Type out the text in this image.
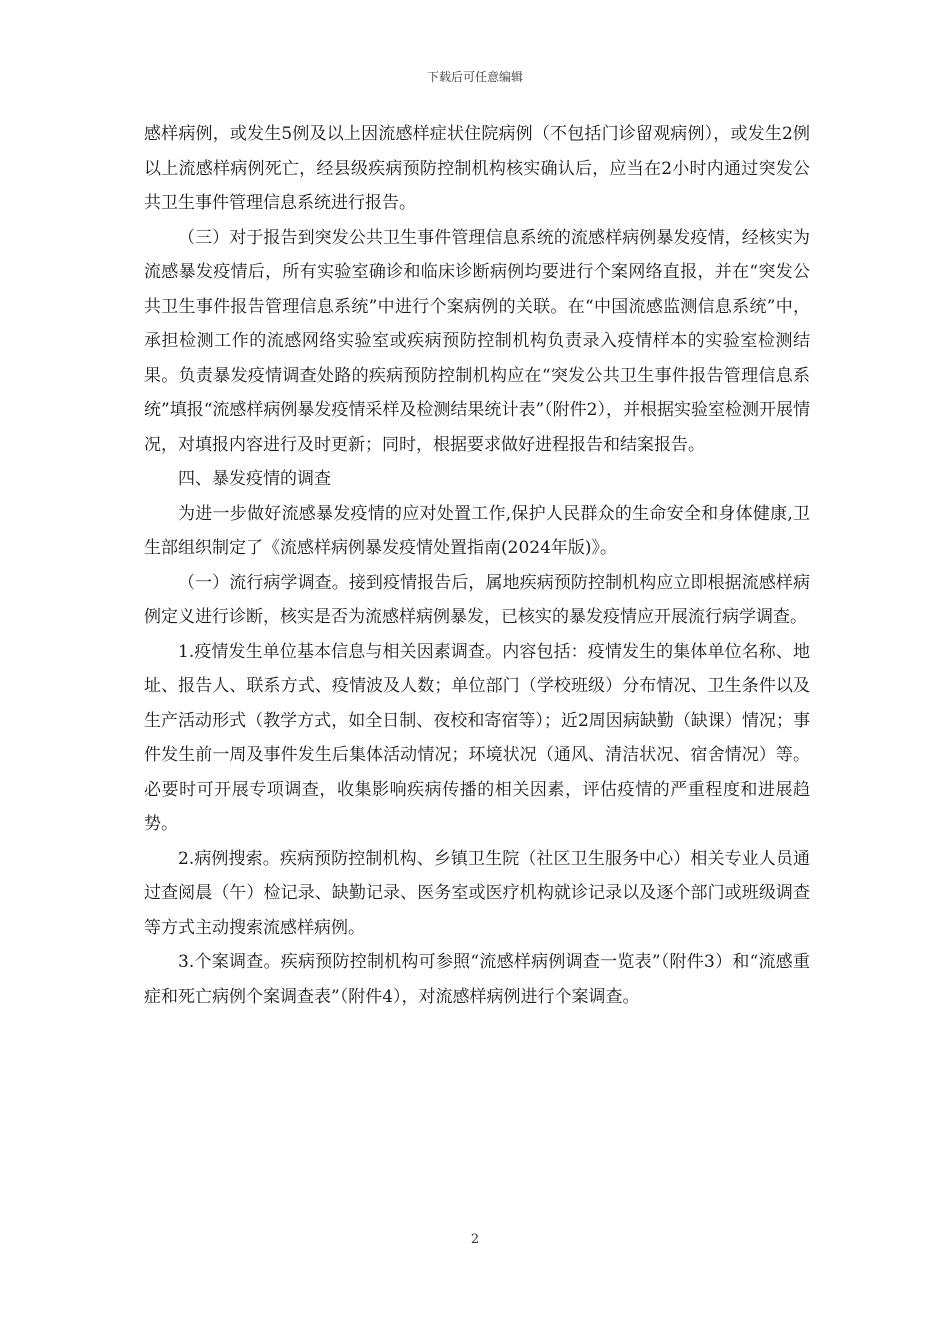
下载后可任意编辑

感样病例，或发生5例及以上因流感样症状住院病例（不包括门诊留观病例），或发生2例以上流感样病例死亡，经县级疾病预防控制机构核实确认后，应当在2小时内通过突发公共卫生事件管理信息系统进行报告。

（三）对于报告到突发公共卫生事件管理信息系统的流感样病例暴发疫情，经核实为流感暴发疫情后，所有实验室确诊和临床诊断病例均要进行个案网络直报，并在“突发公共卫生事件报告管理信息系统”中进行个案病例的关联。在“中国流感监测信息系统”中，承担检测工作的流感网络实验室或疾病预防控制机构负责录入疫情样本的实验室检测结果。负责暴发疫情调查处路的疾病预防控制机构应在“突发公共卫生事件报告管理信息系统”填报“流感样病例暴发疫情采样及检测结果统计表”（附件2），并根据实验室检测开展情况，对填报内容进行及时更新；同时，根据要求做好进程报告和结案报告。

四、暴发疫情的调查

为进一步做好流感暴发疫情的应对处置工作,保护人民群众的生命安全和身体健康,卫生部组织制定了《流感样病例暴发疫情处置指南(2024年版)》。

（一）流行病学调查。接到疫情报告后，属地疾病预防控制机构应立即根据流感样病例定义进行诊断，核实是否为流感样病例暴发，已核实的暴发疫情应开展流行病学调查。

1.疫情发生单位基本信息与相关因素调查。内容包括：疫情发生的集体单位名称、地址、报告人、联系方式、疫情波及人数；单位部门（学校班级）分布情况、卫生条件以及生产活动形式（教学方式，如全日制、夜校和寄宿等）；近2周因病缺勤（缺课）情况；事件发生前一周及事件发生后集体活动情况；环境状况（通风、清洁状况、宿舍情况）等。必要时可开展专项调查，收集影响疾病传播的相关因素，评估疫情的严重程度和进展趋势。

2.病例搜索。疾病预防控制机构、乡镇卫生院（社区卫生服务中心）相关专业人员通过查阅晨（午）检记录、缺勤记录、医务室或医疗机构就诊记录以及逐个部门或班级调查等方式主动搜索流感样病例。

3.个案调查。疾病预防控制机构可参照“流感样病例调查一览表”（附件3）和“流感重症和死亡病例个案调查表”（附件4），对流感样病例进行个案调查。

2
